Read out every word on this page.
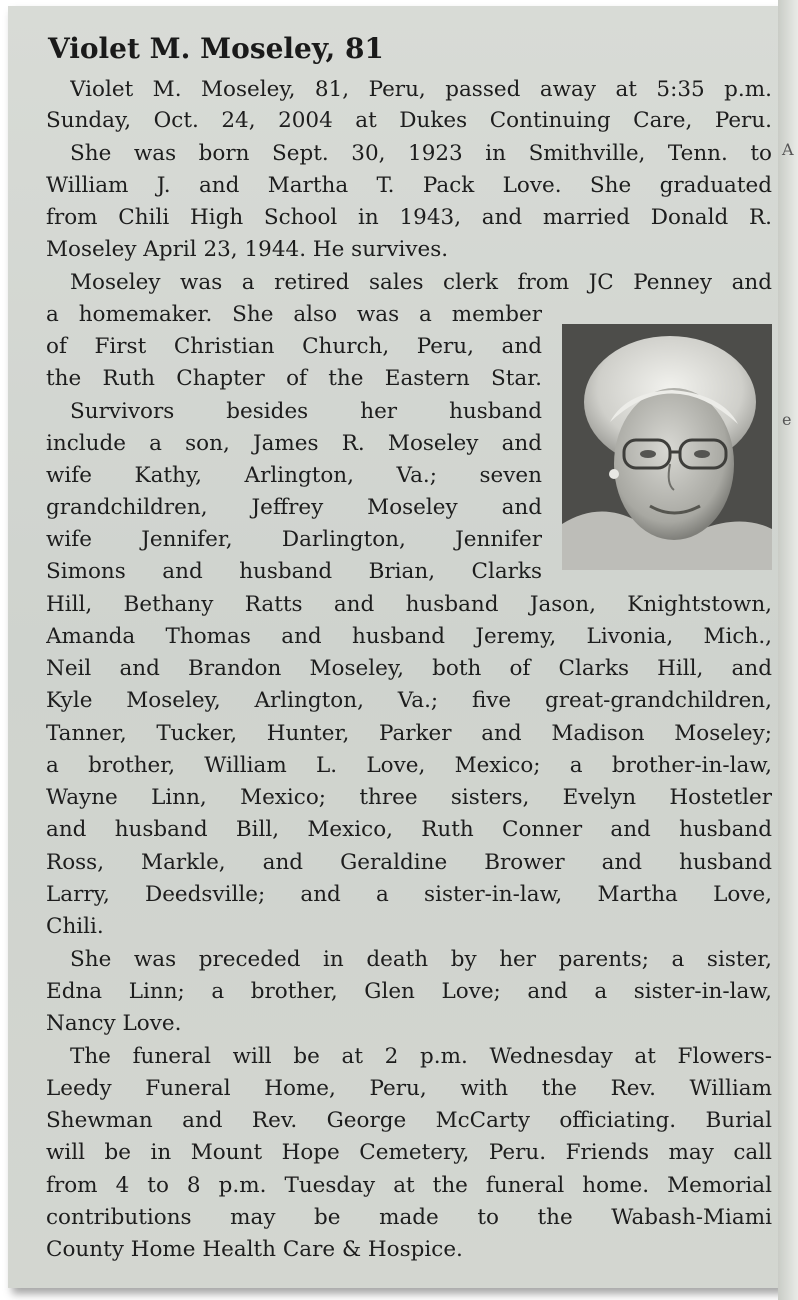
Violet M. Moseley, 81
Violet M. Moseley, 81, Peru, passed away at 5:35 p.m.
Sunday, Oct. 24, 2004 at Dukes Continuing Care, Peru.
She was born Sept. 30, 1923 in Smithville, Tenn. to
William J. and Martha T. Pack Love. She graduated
from Chili High School in 1943, and married Donald R.
Moseley April 23, 1944. He survives.
Moseley was a retired sales clerk from JC Penney and
a homemaker. She also was a member
of First Christian Church, Peru, and
the Ruth Chapter of the Eastern Star.
Survivors besides her husband
include a son, James R. Moseley and
wife Kathy, Arlington, Va.; seven
grandchildren, Jeffrey Moseley and
wife Jennifer, Darlington, Jennifer
Simons and husband Brian, Clarks
Hill, Bethany Ratts and husband Jason, Knightstown,
Amanda Thomas and husband Jeremy, Livonia, Mich.,
Neil and Brandon Moseley, both of Clarks Hill, and
Kyle Moseley, Arlington, Va.; five great-grandchildren,
Tanner, Tucker, Hunter, Parker and Madison Moseley;
a brother, William L. Love, Mexico; a brother-in-law,
Wayne Linn, Mexico; three sisters, Evelyn Hostetler
and husband Bill, Mexico, Ruth Conner and husband
Ross, Markle, and Geraldine Brower and husband
Larry, Deedsville; and a sister-in-law, Martha Love,
Chili.
She was preceded in death by her parents; a sister,
Edna Linn; a brother, Glen Love; and a sister-in-law,
Nancy Love.
The funeral will be at 2 p.m. Wednesday at Flowers-
Leedy Funeral Home, Peru, with the Rev. William
Shewman and Rev. George McCarty officiating. Burial
will be in Mount Hope Cemetery, Peru. Friends may call
from 4 to 8 p.m. Tuesday at the funeral home. Memorial
contributions may be made to the Wabash-Miami
County Home Health Care & Hospice.
A
e
